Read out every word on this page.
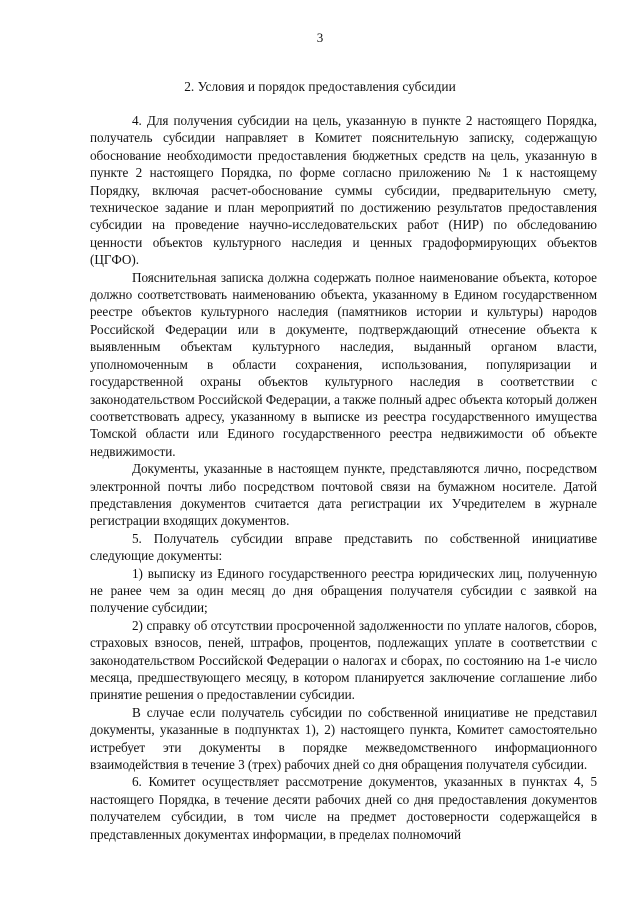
3
2. Условия и порядок предоставления субсидии

4. Для получения субсидии на цель, указанную в пункте 2 настоящего Порядка, получатель субсидии направляет в Комитет пояснительную записку, содержащую обоснование необходимости предоставления бюджетных средств на цель, указанную в пункте 2 настоящего Порядка, по форме согласно приложению № 1 к настоящему Порядку, включая расчет-обоснование суммы субсидии, предварительную смету, техническое задание и план мероприятий по достижению результатов предоставления субсидии на проведение научно-исследовательских работ (НИР) по обследованию ценности объектов культурного наследия и ценных градоформирующих объектов (ЦГФО).

Пояснительная записка должна содержать полное наименование объекта, которое должно соответствовать наименованию объекта, указанному в Едином государственном реестре объектов культурного наследия (памятников истории и культуры) народов Российской Федерации или в документе, подтверждающий отнесение объекта к выявленным объектам культурного наследия, выданный органом власти, уполномоченным в области сохранения, использования, популяризации и государственной охраны объектов культурного наследия в соответствии с законодательством Российской Федерации, а также полный адрес объекта который должен соответствовать адресу, указанному в выписке из реестра государственного имущества Томской области или Единого государственного реестра недвижимости об объекте недвижимости.

Документы, указанные в настоящем пункте, представляются лично, посредством электронной почты либо посредством почтовой связи на бумажном носителе. Датой представления документов считается дата регистрации их Учредителем в журнале регистрации входящих документов.

5. Получатель субсидии вправе представить по собственной инициативе следующие документы:

1) выписку из Единого государственного реестра юридических лиц, полученную не ранее чем за один месяц до дня обращения получателя субсидии с заявкой на получение субсидии;

2) справку об отсутствии просроченной задолженности по уплате налогов, сборов, страховых взносов, пеней, штрафов, процентов, подлежащих уплате в соответствии с законодательством Российской Федерации о налогах и сборах, по состоянию на 1-е число месяца, предшествующего месяцу, в котором планируется заключение соглашение либо принятие решения о предоставлении субсидии.

В случае если получатель субсидии по собственной инициативе не представил документы, указанные в подпунктах 1), 2) настоящего пункта, Комитет самостоятельно истребует эти документы в порядке межведомственного информационного взаимодействия в течение 3 (трех) рабочих дней со дня обращения получателя субсидии.

6. Комитет осуществляет рассмотрение документов, указанных в пунктах 4, 5 настоящего Порядка, в течение десяти рабочих дней со дня предоставления документов получателем субсидии, в том числе на предмет достоверности содержащейся в представленных документах информации, в пределах полномочий
